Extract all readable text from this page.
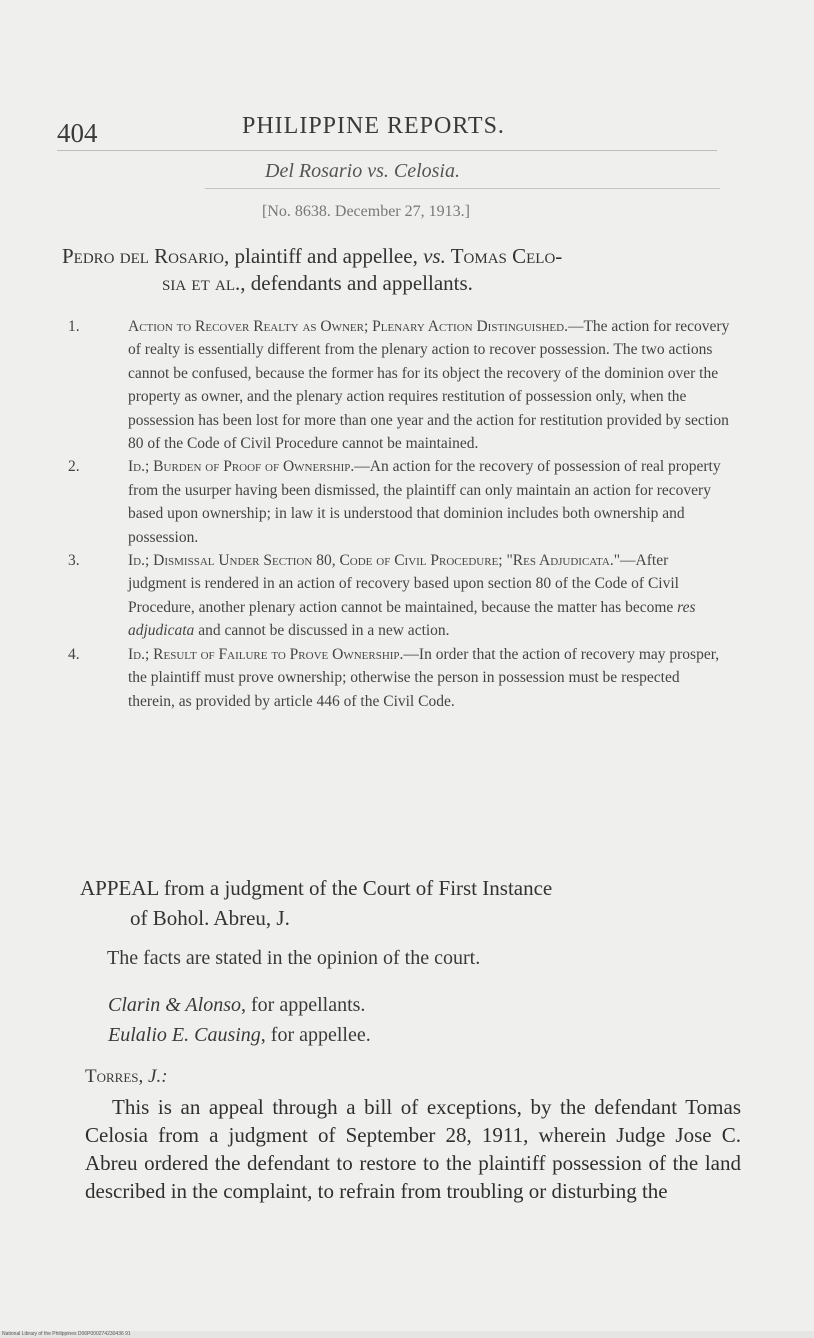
404	PHILIPPINE REPORTS.
Del Rosario vs. Celosia.
[No. 8638. December 27, 1913.]
Pedro del Rosario, plaintiff and appellee, vs. Tomas Celo-
sia et al., defendants and appellants.

1.	Action to Recover Realty as Owner; Plenary Action Distinguished.—The action for recovery of realty is essentially different from the plenary action to recover possession. The two actions cannot be confused, because the former has for its object the recovery of the dominion over the property as owner, and the plenary action requires restitution of possession only, when the possession has been lost for more than one year and the action for restitution provided by section 80 of the Code of Civil Procedure cannot be maintained.

2.	Id.; Burden of Proof of Ownership.—An action for the recovery of possession of real property from the usurper having been dismissed, the plaintiff can only maintain an action for recovery based upon ownership; in law it is understood that dominion includes both ownership and possession.

3.	Id.; Dismissal Under Section 80, Code of Civil Procedure; "Res Adjudicata."—After judgment is rendered in an action of recovery based upon section 80 of the Code of Civil Procedure, another plenary action cannot be maintained, because the matter has become res adjudicata and cannot be discussed in a new action.

4.	Id.; Result of Failure to Prove Ownership.—In order that the action of recovery may prosper, the plaintiff must prove ownership; otherwise the person in possession must be respected therein, as provided by article 446 of the Civil Code.

APPEAL from a judgment of the Court of First Instance
of Bohol. Abreu, J.
The facts are stated in the opinion of the court.
Clarin & Alonso, for appellants.
Eulalio E. Causing, for appellee.
Torres, J.:
This is an appeal through a bill of exceptions, by the defendant Tomas Celosia from a judgment of September 28, 1911, wherein Judge Jose C. Abreu ordered the defendant to restore to the plaintiff possession of the land described in the complaint, to refrain from troubling or disturbing the
National Library of the Philippines D06P000274230436 91
